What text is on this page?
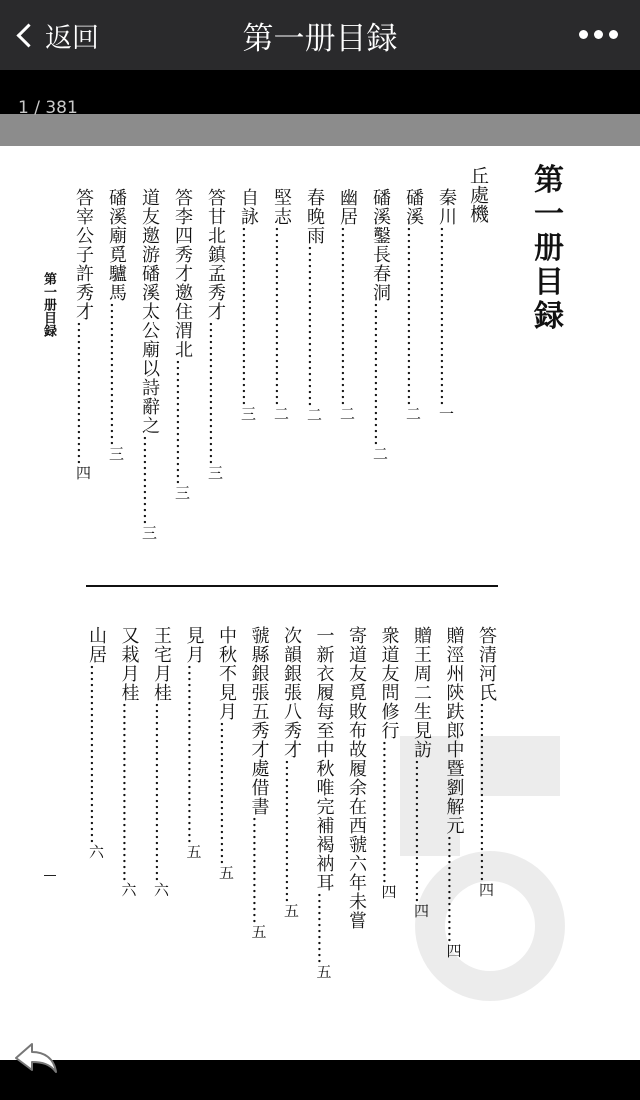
返回	第一册目録
1 / 381
第
一
册
目
録
丘處機
秦川…………………………一
磻溪…………………………二
磻溪鑿長春洞……………………二
幽居…………………………二
春晚雨………………………二
堅志…………………………二
自詠…………………………三
答甘北鎮孟秀才……………………三
答李四秀才邀住渭北…………………三
道友邀游磻溪太公廟以詩辭之……………三
磻溪廟覓驢馬……………………三
答宰公子許秀才……………………四
答清河氏…………………………四
贈涇州陝趺郎中暨劉解元………………四
贈王周二生見訪……………………四
衆道友問修行……………………四
寄道友覓敗布故履余在西虢六年未嘗
一新衣履每至中秋唯完補褐衲耳…………五
次韻銀張八秀才……………………五
虢縣銀張五秀才處借書………………五
中秋不見月……………………五
見月…………………………五
王宅月桂…………………………六
又栽月桂…………………………六
山居…………………………六
第一册目録
